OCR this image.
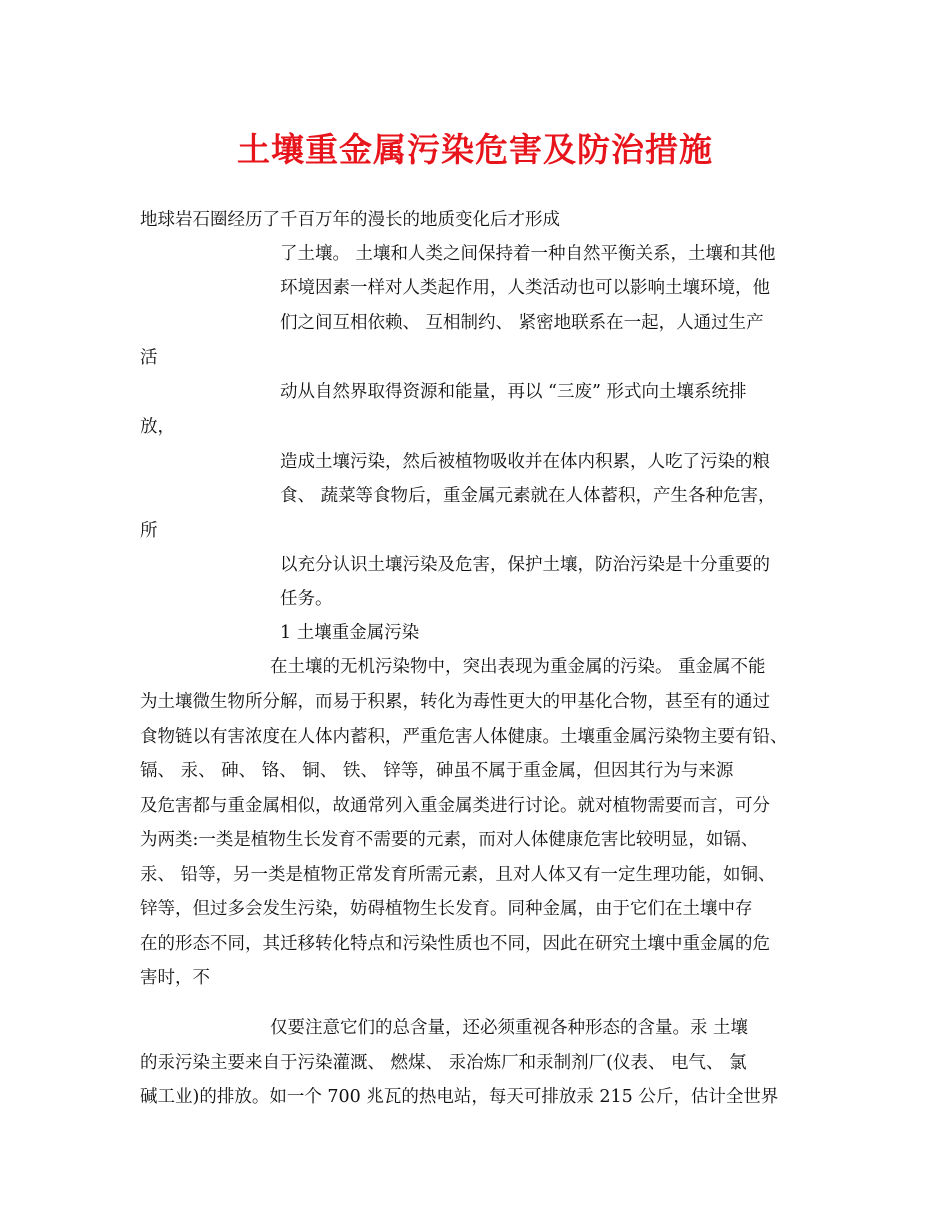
土壤重金属污染危害及防治措施
地球岩石圈经历了千百万年的漫长的地质变化后才形成
了土壤。 土壤和人类之间保持着一种自然平衡关系，土壤和其他
环境因素一样对人类起作用，人类活动也可以影响土壤环境，他
们之间互相依赖、 互相制约、 紧密地联系在一起，人通过生产
活
动从自然界取得资源和能量，再以 “三废” 形式向土壤系统排
放，
造成土壤污染，然后被植物吸收并在体内积累，人吃了污染的粮
食、 蔬菜等食物后，重金属元素就在人体蓄积，产生各种危害，
所
以充分认识土壤污染及危害，保护土壤，防治污染是十分重要的
任务。
1 土壤重金属污染
在土壤的无机污染物中，突出表现为重金属的污染。 重金属不能
为土壤微生物所分解，而易于积累，转化为毒性更大的甲基化合物，甚至有的通过
食物链以有害浓度在人体内蓄积，严重危害人体健康。土壤重金属污染物主要有铅、
镉、 汞、 砷、 铬、 铜、 铁、 锌等，砷虽不属于重金属，但因其行为与来源
及危害都与重金属相似，故通常列入重金属类进行讨论。就对植物需要而言，可分
为两类:一类是植物生长发育不需要的元素，而对人体健康危害比较明显，如镉、
汞、 铅等，另一类是植物正常发育所需元素，且对人体又有一定生理功能，如铜、
锌等，但过多会发生污染，妨碍植物生长发育。同种金属，由于它们在土壤中存
在的形态不同，其迁移转化特点和污染性质也不同，因此在研究土壤中重金属的危
害时，不
仅要注意它们的总含量，还必须重视各种形态的含量。汞 土壤
的汞污染主要来自于污染灌溉、 燃煤、 汞冶炼厂和汞制剂厂(仪表、 电气、 氯
碱工业)的排放。如一个 700 兆瓦的热电站，每天可排放汞 215 公斤，估计全世界
